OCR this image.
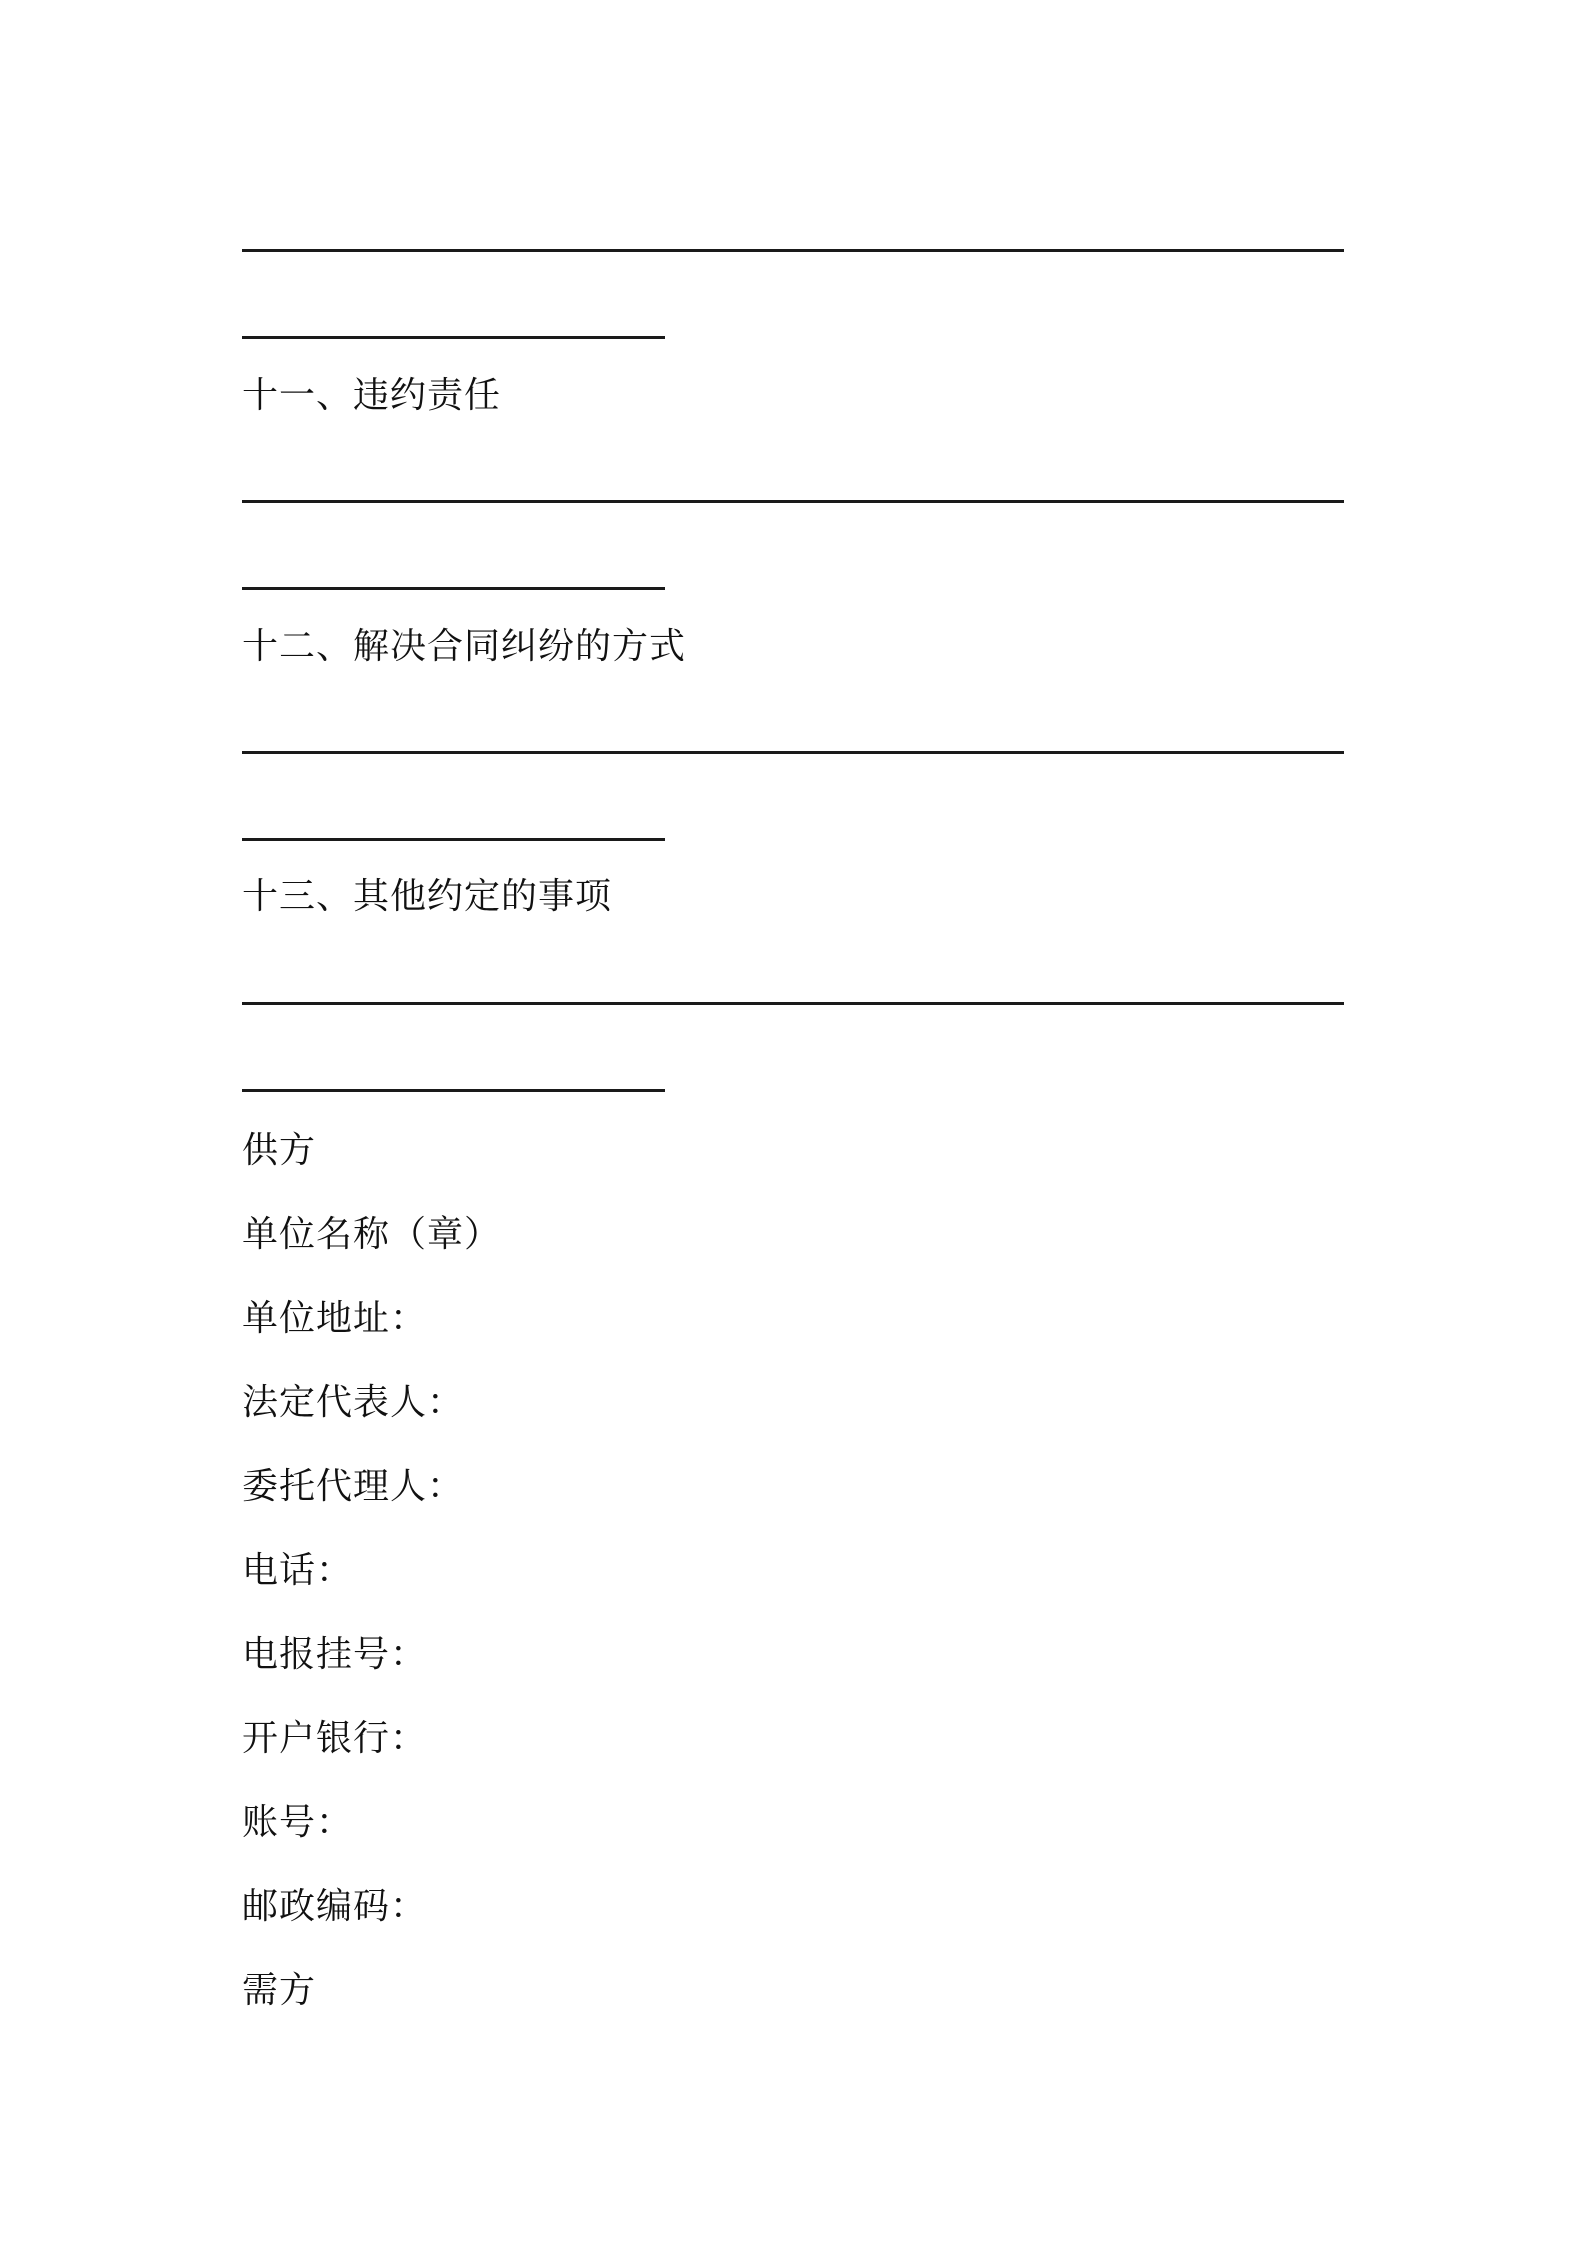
十一、违约责任
十二、解决合同纠纷的方式
十三、其他约定的事项
供方
单位名称（章）
单位地址：
法定代表人：
委托代理人：
电话：
电报挂号：
开户银行：
账号：
邮政编码：
需方
